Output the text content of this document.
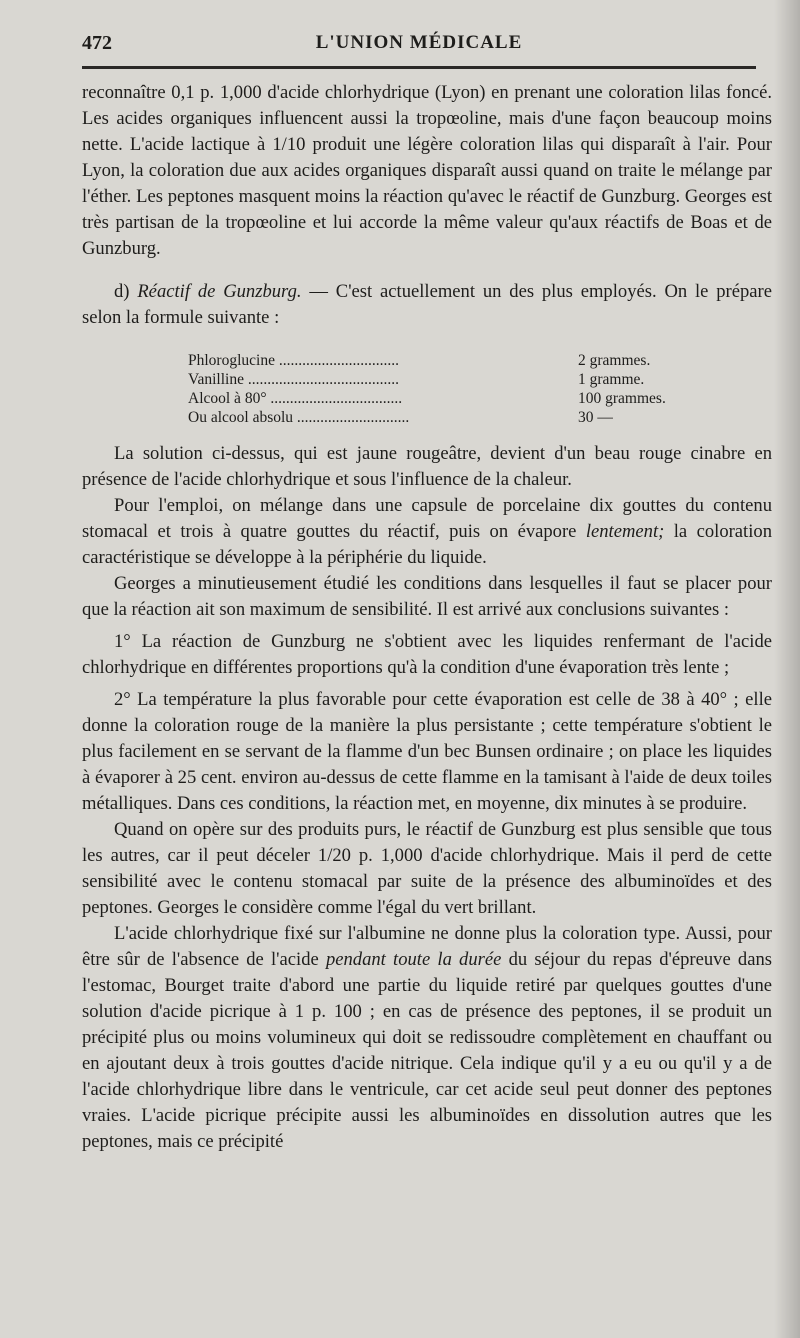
472	L'UNION MÉDICALE

reconnaître 0,1 p. 1,000 d'acide chlorhydrique (Lyon) en prenant une coloration lilas foncé. Les acides organiques influencent aussi la tropœoline, mais d'une façon beaucoup moins nette. L'acide lactique à 1/10 produit une légère coloration lilas qui disparaît à l'air. Pour Lyon, la coloration due aux acides organiques disparaît aussi quand on traite le mélange par l'éther. Les peptones masquent moins la réaction qu'avec le réactif de Gunzburg. Georges est très partisan de la tropœoline et lui accorde la même valeur qu'aux réactifs de Boas et de Gunzburg.

d) Réactif de Gunzburg. — C'est actuellement un des plus employés. On le prépare selon la formule suivante :

Phloroglucine ...............................	2 grammes.
Vanilline .......................................	1 gramme.
Alcool à 80° ..................................	100 grammes.
Ou alcool absolu .............................	30 —

La solution ci-dessus, qui est jaune rougeâtre, devient d'un beau rouge cinabre en présence de l'acide chlorhydrique et sous l'influence de la chaleur.

Pour l'emploi, on mélange dans une capsule de porcelaine dix gouttes du contenu stomacal et trois à quatre gouttes du réactif, puis on évapore lentement; la coloration caractéristique se développe à la périphérie du liquide.

Georges a minutieusement étudié les conditions dans lesquelles il faut se placer pour que la réaction ait son maximum de sensibilité. Il est arrivé aux conclusions suivantes :

1° La réaction de Gunzburg ne s'obtient avec les liquides renfermant de l'acide chlorhydrique en différentes proportions qu'à la condition d'une évaporation très lente ;

2° La température la plus favorable pour cette évaporation est celle de 38 à 40° ; elle donne la coloration rouge de la manière la plus persistante ; cette température s'obtient le plus facilement en se servant de la flamme d'un bec Bunsen ordinaire ; on place les liquides à évaporer à 25 cent. environ au-dessus de cette flamme en la tamisant à l'aide de deux toiles métalliques. Dans ces conditions, la réaction met, en moyenne, dix minutes à se produire.

Quand on opère sur des produits purs, le réactif de Gunzburg est plus sensible que tous les autres, car il peut déceler 1/20 p. 1,000 d'acide chlorhydrique. Mais il perd de cette sensibilité avec le contenu stomacal par suite de la présence des albuminoïdes et des peptones. Georges le considère comme l'égal du vert brillant.

L'acide chlorhydrique fixé sur l'albumine ne donne plus la coloration type. Aussi, pour être sûr de l'absence de l'acide pendant toute la durée du séjour du repas d'épreuve dans l'estomac, Bourget traite d'abord une partie du liquide retiré par quelques gouttes d'une solution d'acide picrique à 1 p. 100 ; en cas de présence des peptones, il se produit un précipité plus ou moins volumineux qui doit se redissoudre complètement en chauffant ou en ajoutant deux à trois gouttes d'acide nitrique. Cela indique qu'il y a eu ou qu'il y a de l'acide chlorhydrique libre dans le ventricule, car cet acide seul peut donner des peptones vraies. L'acide picrique précipite aussi les albuminoïdes en dissolution autres que les peptones, mais ce précipité
